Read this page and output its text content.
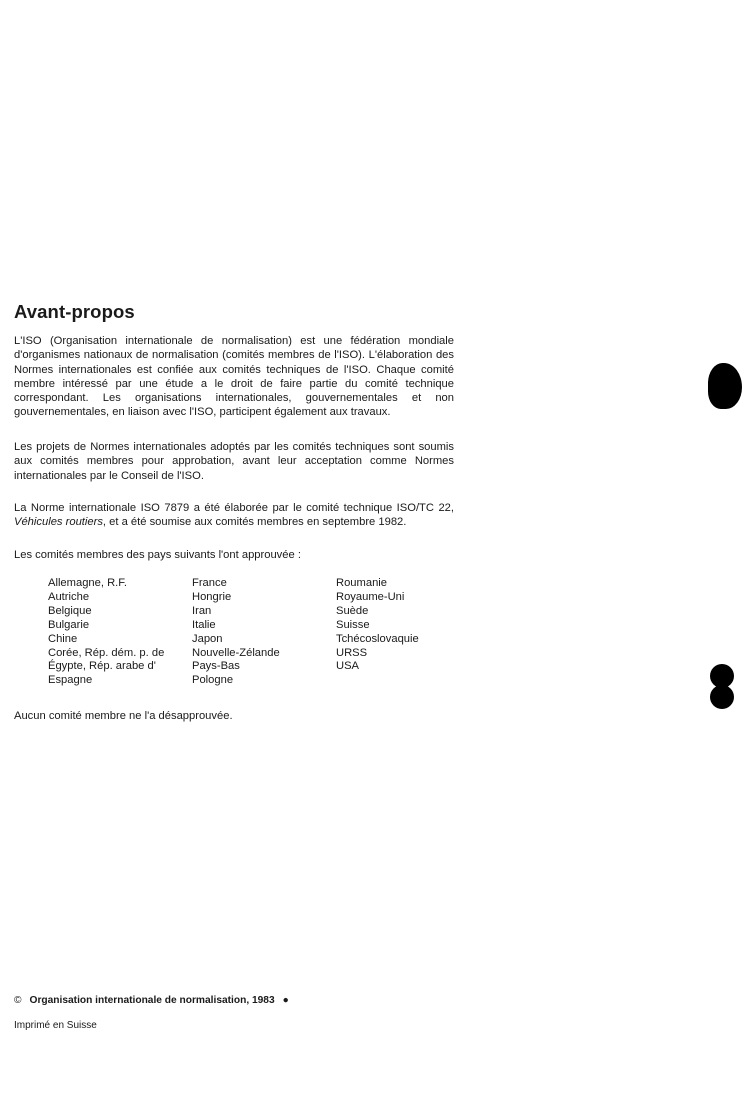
Avant-propos

L'ISO (Organisation internationale de normalisation) est une fédération mondiale d'organismes nationaux de normalisation (comités membres de l'ISO). L'élaboration des Normes internationales est confiée aux comités techniques de l'ISO. Chaque comité membre intéressé par une étude a le droit de faire partie du comité technique correspondant. Les organisations internationales, gouvernementales et non gouvernementales, en liaison avec l'ISO, participent également aux travaux.

Les projets de Normes internationales adoptés par les comités techniques sont soumis aux comités membres pour approbation, avant leur acceptation comme Normes internationales par le Conseil de l'ISO.

La Norme internationale ISO 7879 a été élaborée par le comité technique ISO/TC 22, Véhicules routiers, et a été soumise aux comités membres en septembre 1982.

Les comités membres des pays suivants l'ont approuvée :

Allemagne, R.F.
Autriche
Belgique
Bulgarie
Chine
Corée, Rép. dém. p. de
Égypte, Rép. arabe d'
Espagne
France
Hongrie
Iran
Italie
Japon
Nouvelle-Zélande
Pays-Bas
Pologne
Roumanie
Royaume-Uni
Suède
Suisse
Tchécoslovaquie
URSS
USA

Aucun comité membre ne l'a désapprouvée.

© Organisation internationale de normalisation, 1983 ●
Imprimé en Suisse
